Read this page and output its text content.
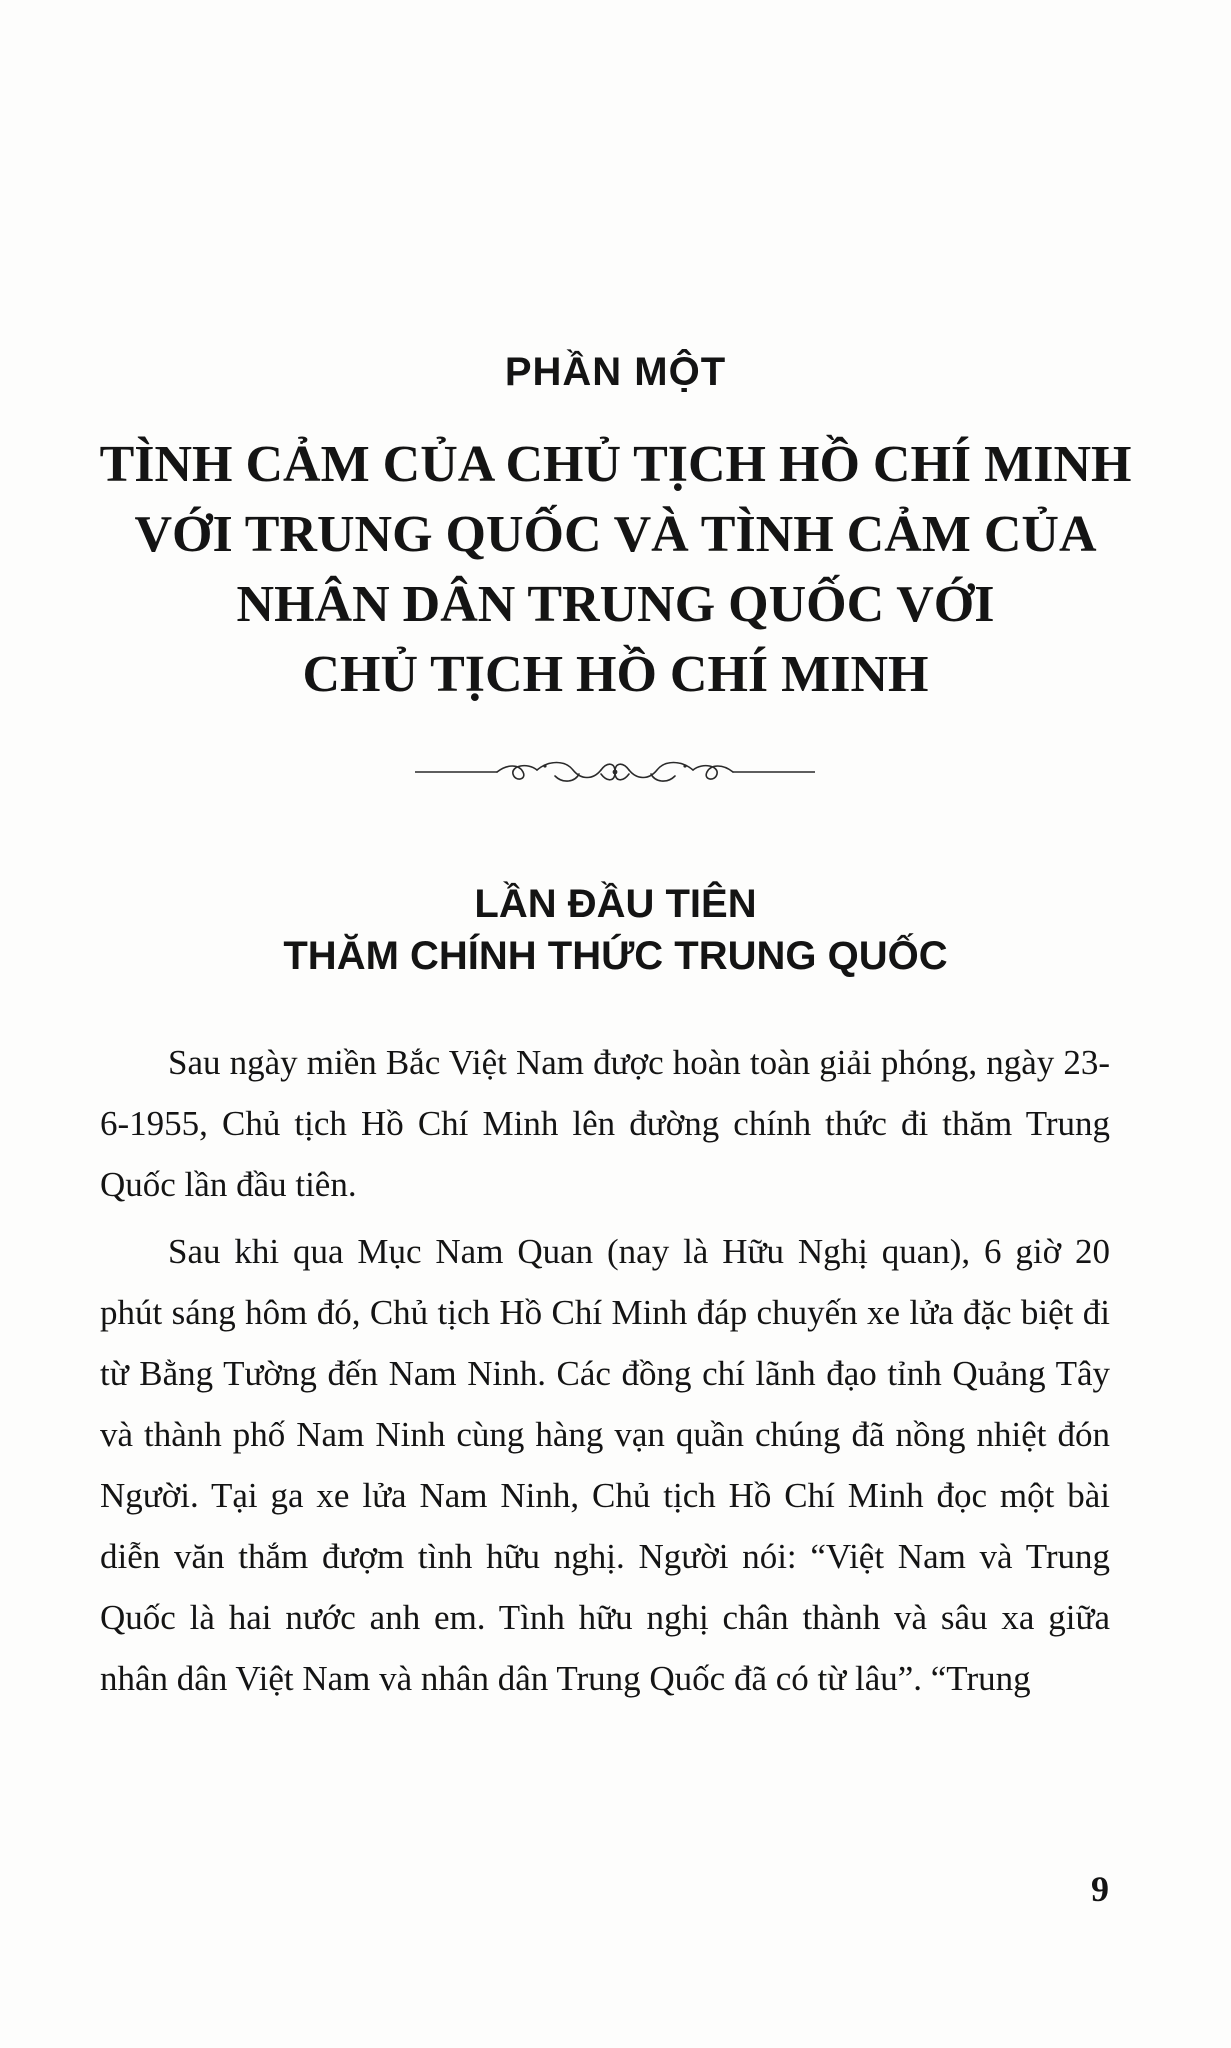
PHẦN MỘT
TÌNH CẢM CỦA CHỦ TỊCH HỒ CHÍ MINH
VỚI TRUNG QUỐC VÀ TÌNH CẢM CỦA
NHÂN DÂN TRUNG QUỐC VỚI
CHỦ TỊCH HỒ CHÍ MINH
LẦN ĐẦU TIÊN
THĂM CHÍNH THỨC TRUNG QUỐC

Sau ngày miền Bắc Việt Nam được hoàn toàn giải phóng, ngày 23-6-1955, Chủ tịch Hồ Chí Minh lên đường chính thức đi thăm Trung Quốc lần đầu tiên.

Sau khi qua Mục Nam Quan (nay là Hữu Nghị quan), 6 giờ 20 phút sáng hôm đó, Chủ tịch Hồ Chí Minh đáp chuyến xe lửa đặc biệt đi từ Bằng Tường đến Nam Ninh. Các đồng chí lãnh đạo tỉnh Quảng Tây và thành phố Nam Ninh cùng hàng vạn quần chúng đã nồng nhiệt đón Người. Tại ga xe lửa Nam Ninh, Chủ tịch Hồ Chí Minh đọc một bài diễn văn thắm đượm tình hữu nghị. Người nói: “Việt Nam và Trung Quốc là hai nước anh em. Tình hữu nghị chân thành và sâu xa giữa nhân dân Việt Nam và nhân dân Trung Quốc đã có từ lâu”. “Trung

9
